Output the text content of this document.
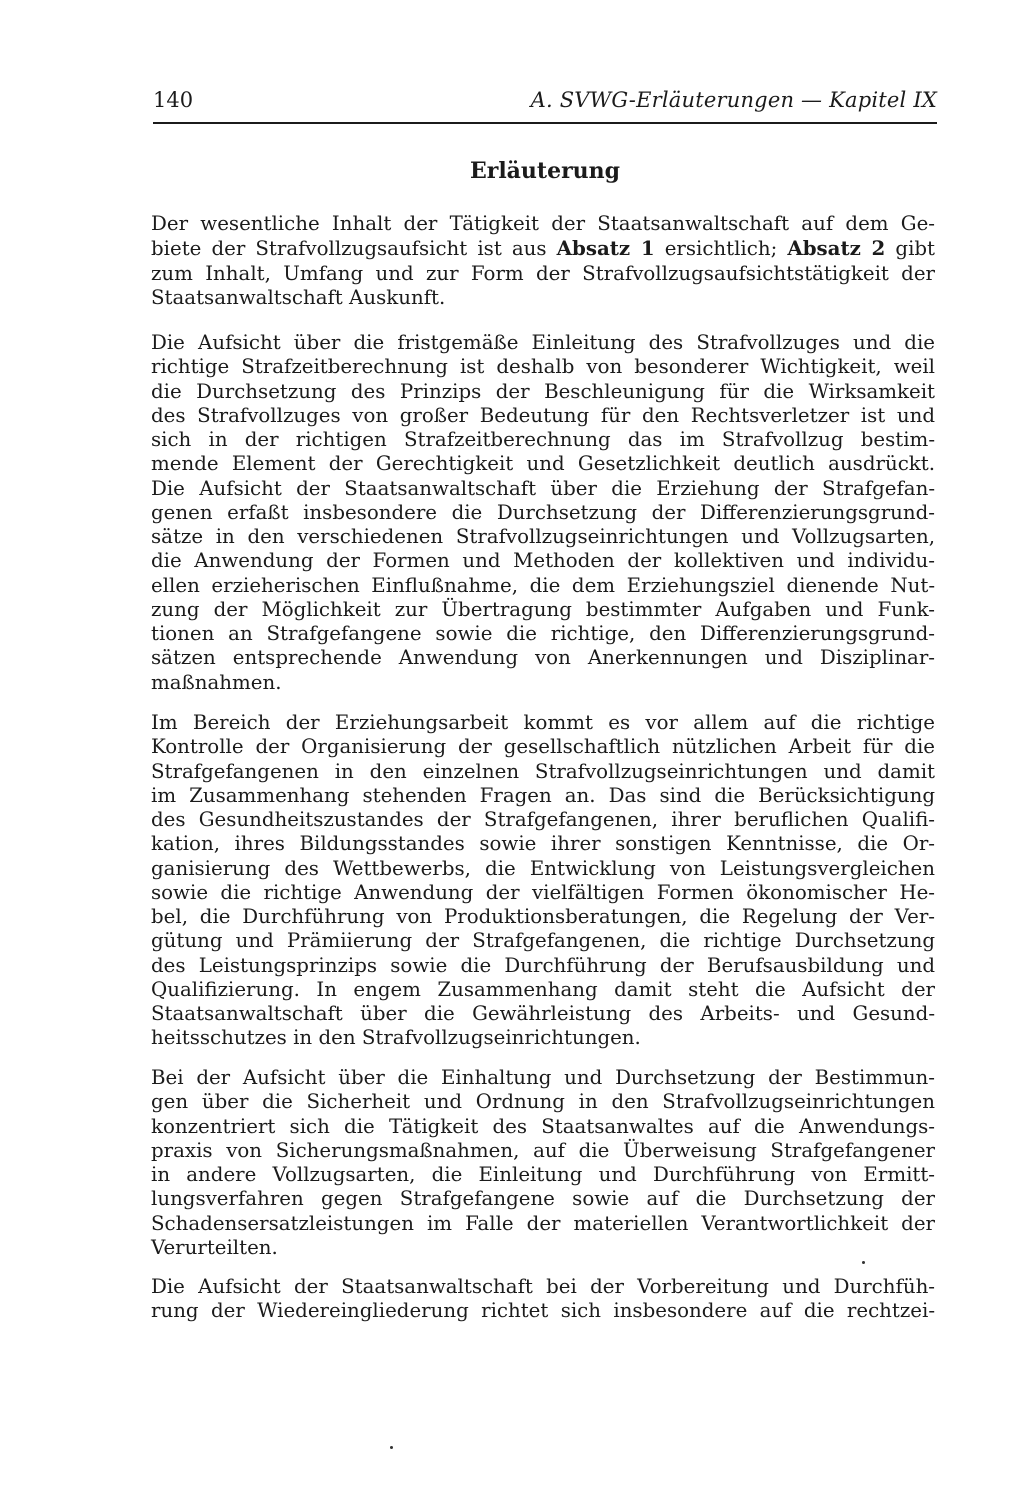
140	A. SVWG-Erläuterungen — Kapitel IX
Erläuterung
Der wesentliche Inhalt der Tätigkeit der Staatsanwaltschaft auf dem Ge-
biete der Strafvollzugsaufsicht ist aus Absatz 1 ersichtlich; Absatz 2 gibt
zum Inhalt, Umfang und zur Form der Strafvollzugsaufsichtstätigkeit der
Staatsanwaltschaft Auskunft.
Die Aufsicht über die fristgemäße Einleitung des Strafvollzuges und die
richtige Strafzeitberechnung ist deshalb von besonderer Wichtigkeit, weil
die Durchsetzung des Prinzips der Beschleunigung für die Wirksamkeit
des Strafvollzuges von großer Bedeutung für den Rechtsverletzer ist und
sich in der richtigen Strafzeitberechnung das im Strafvollzug bestim-
mende Element der Gerechtigkeit und Gesetzlichkeit deutlich ausdrückt.
Die Aufsicht der Staatsanwaltschaft über die Erziehung der Strafgefan-
genen erfaßt insbesondere die Durchsetzung der Differenzierungsgrund-
sätze in den verschiedenen Strafvollzugseinrichtungen und Vollzugsarten,
die Anwendung der Formen und Methoden der kollektiven und individu-
ellen erzieherischen Einflußnahme, die dem Erziehungsziel dienende Nut-
zung der Möglichkeit zur Übertragung bestimmter Aufgaben und Funk-
tionen an Strafgefangene sowie die richtige, den Differenzierungsgrund-
sätzen entsprechende Anwendung von Anerkennungen und Disziplinar-
maßnahmen.
Im Bereich der Erziehungsarbeit kommt es vor allem auf die richtige
Kontrolle der Organisierung der gesellschaftlich nützlichen Arbeit für die
Strafgefangenen in den einzelnen Strafvollzugseinrichtungen und damit
im Zusammenhang stehenden Fragen an. Das sind die Berücksichtigung
des Gesundheitszustandes der Strafgefangenen, ihrer beruflichen Qualifi-
kation, ihres Bildungsstandes sowie ihrer sonstigen Kenntnisse, die Or-
ganisierung des Wettbewerbs, die Entwicklung von Leistungsvergleichen
sowie die richtige Anwendung der vielfältigen Formen ökonomischer He-
bel, die Durchführung von Produktionsberatungen, die Regelung der Ver-
gütung und Prämiierung der Strafgefangenen, die richtige Durchsetzung
des Leistungsprinzips sowie die Durchführung der Berufsausbildung und
Qualifizierung. In engem Zusammenhang damit steht die Aufsicht der
Staatsanwaltschaft über die Gewährleistung des Arbeits- und Gesund-
heitsschutzes in den Strafvollzugseinrichtungen.
Bei der Aufsicht über die Einhaltung und Durchsetzung der Bestimmun-
gen über die Sicherheit und Ordnung in den Strafvollzugseinrichtungen
konzentriert sich die Tätigkeit des Staatsanwaltes auf die Anwendungs-
praxis von Sicherungsmaßnahmen, auf die Überweisung Strafgefangener
in andere Vollzugsarten, die Einleitung und Durchführung von Ermitt-
lungsverfahren gegen Strafgefangene sowie auf die Durchsetzung der
Schadensersatzleistungen im Falle der materiellen Verantwortlichkeit der
Verurteilten.
Die Aufsicht der Staatsanwaltschaft bei der Vorbereitung und Durchfüh-
rung der Wiedereingliederung richtet sich insbesondere auf die rechtzei-
